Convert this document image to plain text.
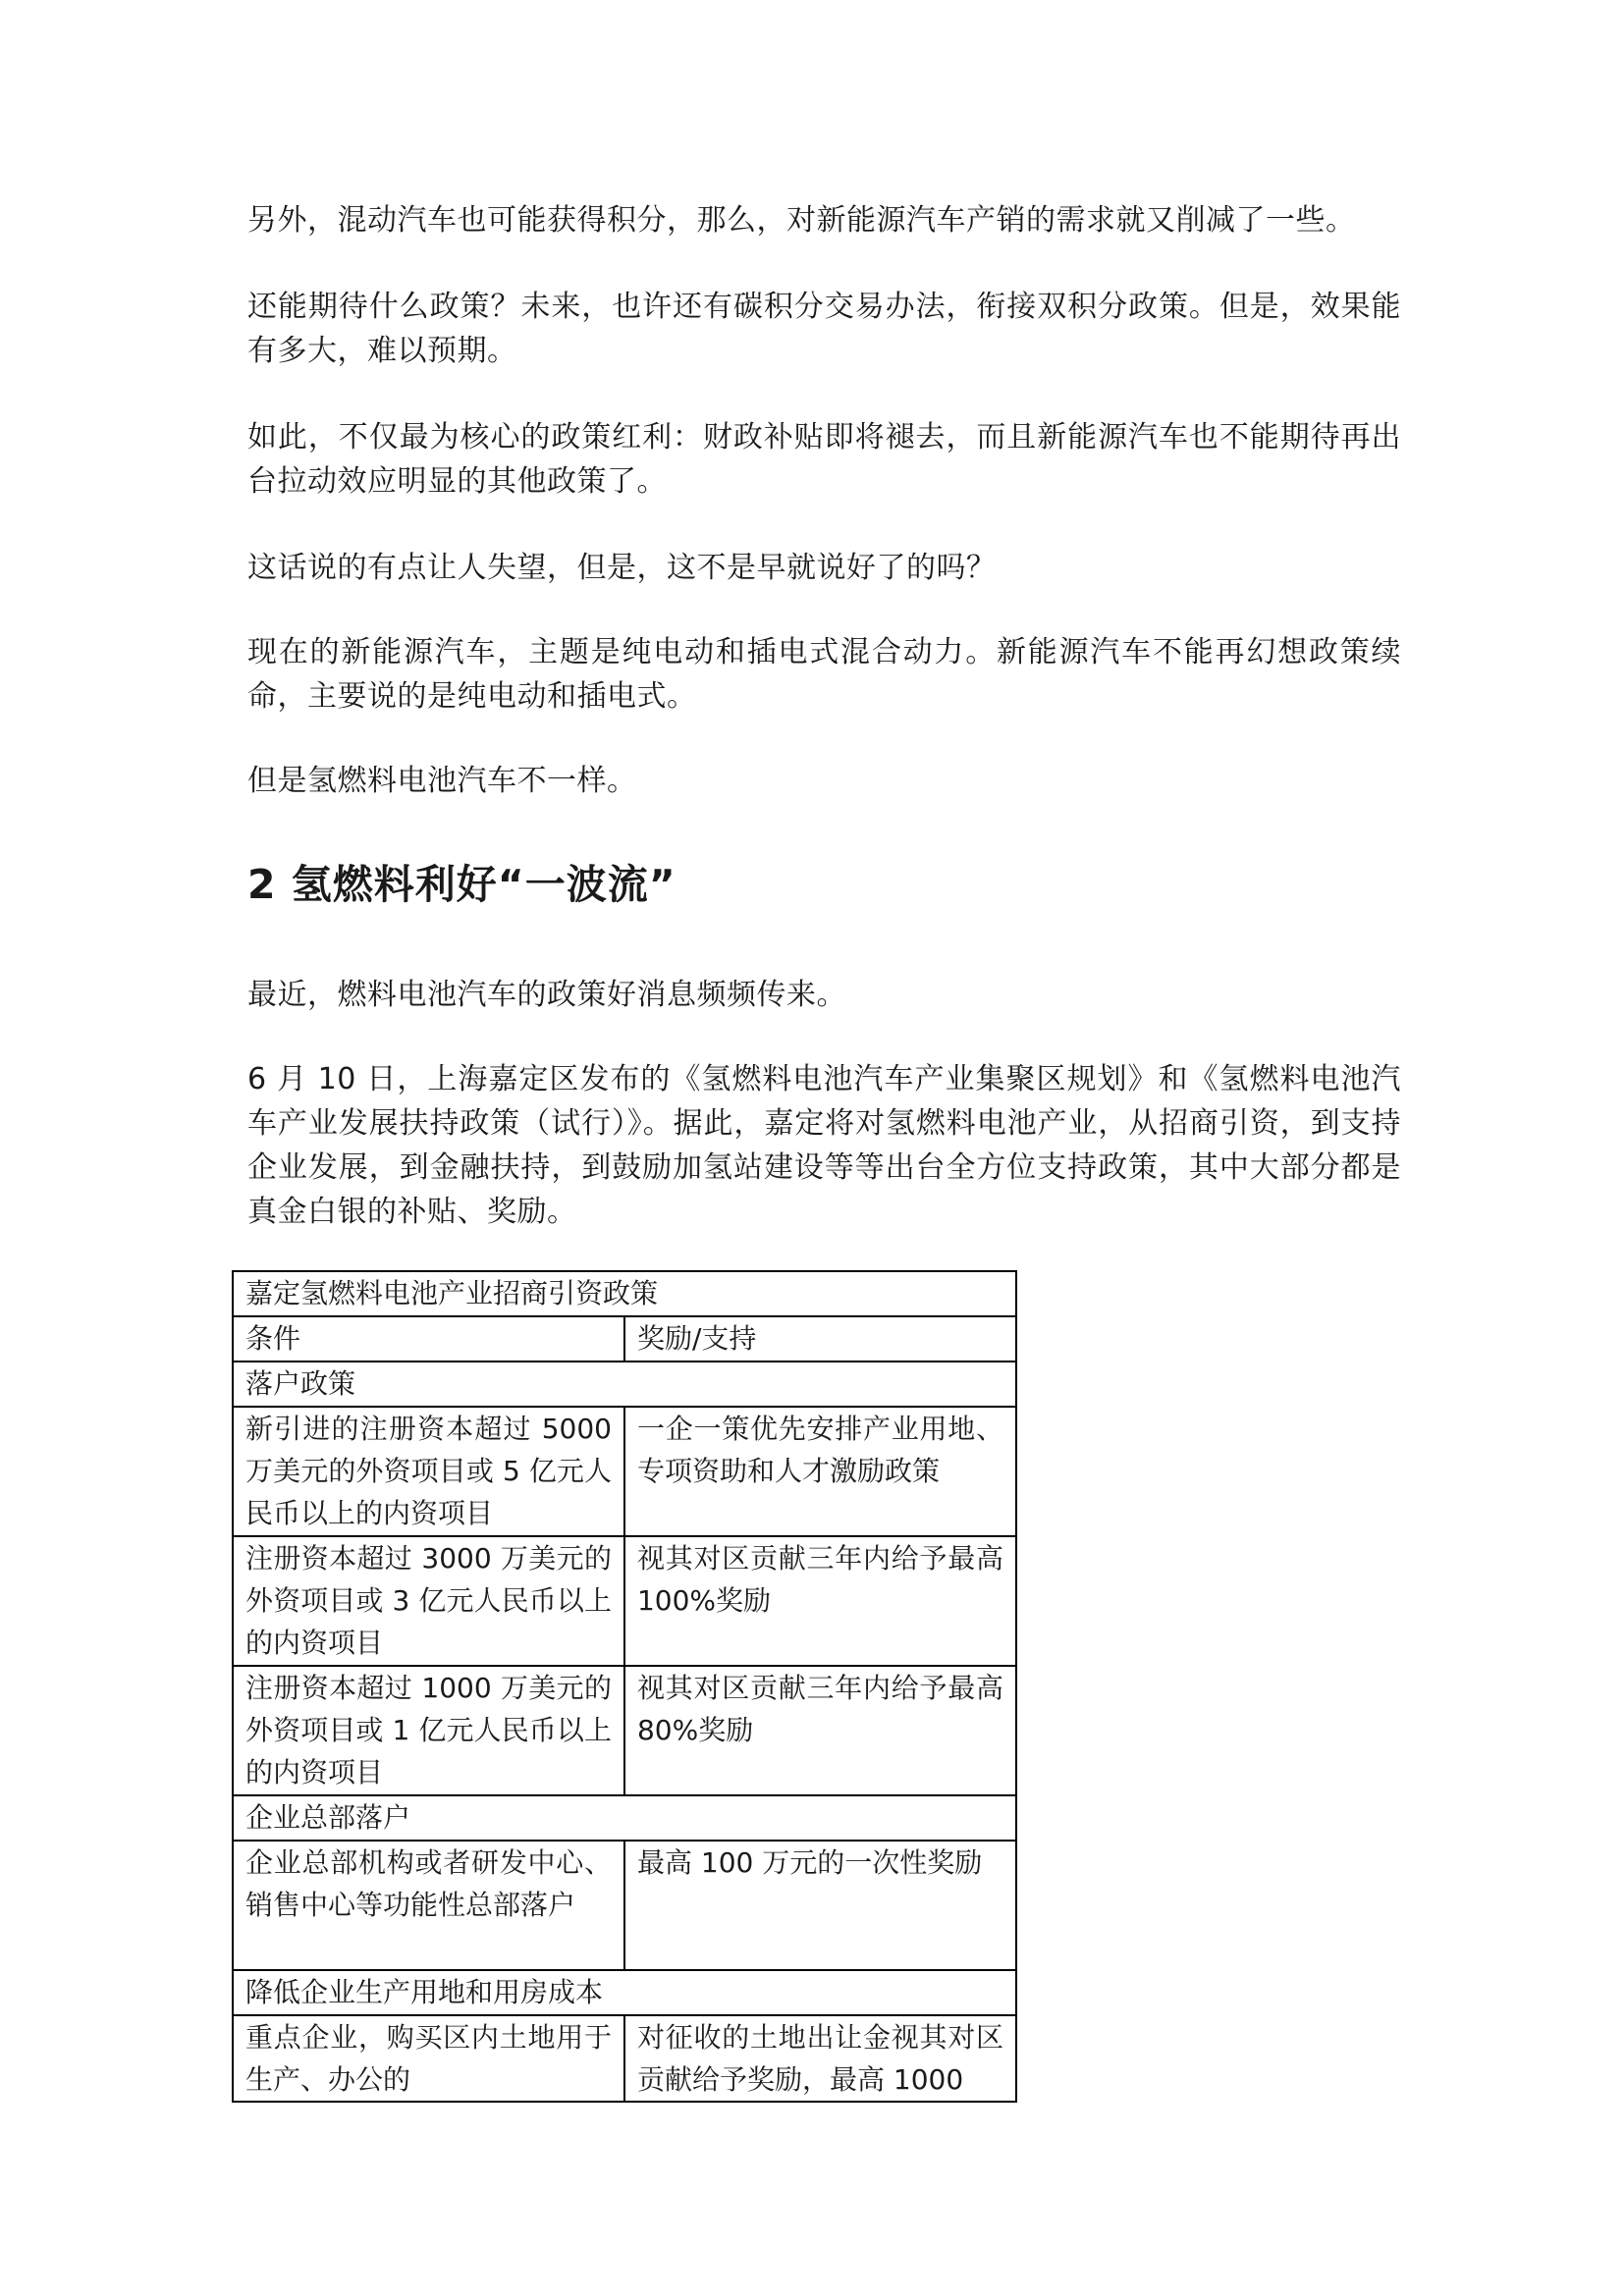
另外，混动汽车也可能获得积分，那么，对新能源汽车产销的需求就又削减了一些。

还能期待什么政策？未来，也许还有碳积分交易办法，衔接双积分政策。但是，效果能有多大，难以预期。

如此，不仅最为核心的政策红利：财政补贴即将褪去，而且新能源汽车也不能期待再出台拉动效应明显的其他政策了。

这话说的有点让人失望，但是，这不是早就说好了的吗？

现在的新能源汽车，主题是纯电动和插电式混合动力。新能源汽车不能再幻想政策续命，主要说的是纯电动和插电式。

但是氢燃料电池汽车不一样。

2 氢燃料利好“一波流”

最近，燃料电池汽车的政策好消息频频传来。

6 月 10 日，上海嘉定区发布的《氢燃料电池汽车产业集聚区规划》和《氢燃料电池汽车产业发展扶持政策（试行）》。据此，嘉定将对氢燃料电池产业，从招商引资，到支持企业发展，到金融扶持，到鼓励加氢站建设等等出台全方位支持政策，其中大部分都是真金白银的补贴、奖励。

嘉定氢燃料电池产业招商引资政策	
条件	奖励/支持
落户政策	
新引进的注册资本超过 5000 万美元的外资项目或 5 亿元人民币以上的内资项目	一企一策优先安排产业用地、专项资助和人才激励政策
注册资本超过 3000 万美元的外资项目或 3 亿元人民币以上的内资项目	视其对区贡献三年内给予最高 100%奖励
注册资本超过 1000 万美元的外资项目或 1 亿元人民币以上的内资项目	视其对区贡献三年内给予最高 80%奖励
企业总部落户	
企业总部机构或者研发中心、销售中心等功能性总部落户	最高 100 万元的一次性奖励
降低企业生产用地和用房成本	
重点企业，购买区内土地用于生产、办公的	对征收的土地出让金视其对区贡献给予奖励，最高 1000
